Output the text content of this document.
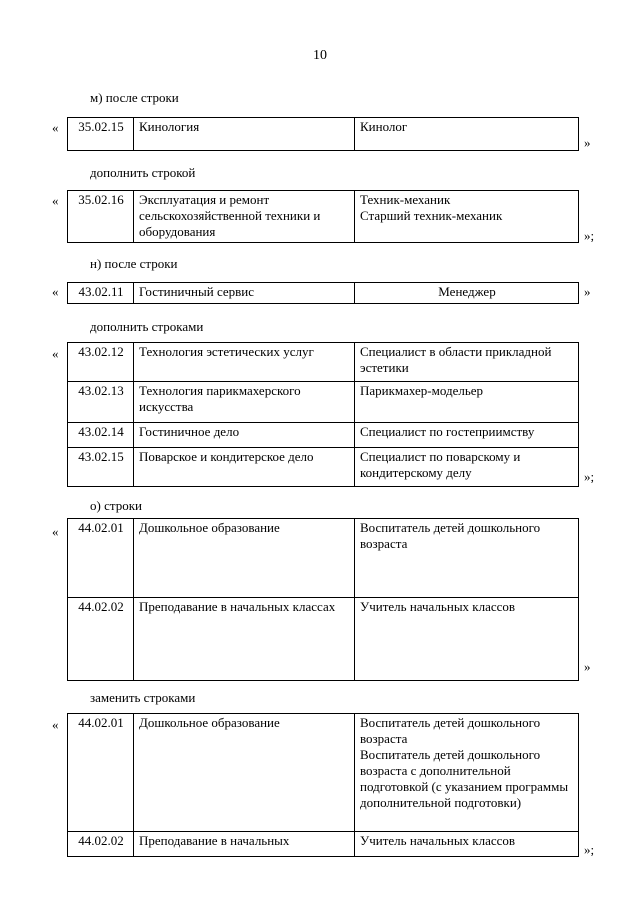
10
м) после строки
« 35.02.15	Кинология	Кинолог
»
дополнить строкой
« 35.02.16	Эксплуатация и ремонт сельскохозяйственной техники и оборудования	Техник-механик
Старший техник-механик
»;
н) после строки
« 43.02.11	Гостиничный сервис	Менеджер	»
дополнить строками
« 43.02.12	Технология эстетических услуг	Специалист в области прикладной эстетики
43.02.13	Технология парикмахерского искусства	Парикмахер-модельер
43.02.14	Гостиничное дело	Специалист по гостеприимству
43.02.15	Поварское и кондитерское дело	Специалист по поварскому и кондитерскому делу	»;
о) строки
« 44.02.01	Дошкольное образование	Воспитатель детей дошкольного возраста
44.02.02	Преподавание в начальных классах	Учитель начальных классов
»
заменить строками
« 44.02.01	Дошкольное образование	Воспитатель детей дошкольного возраста
Воспитатель детей дошкольного возраста с дополнительной подготовкой (с указанием программы дополнительной подготовки)
44.02.02	Преподавание в начальных	Учитель начальных классов
»;
